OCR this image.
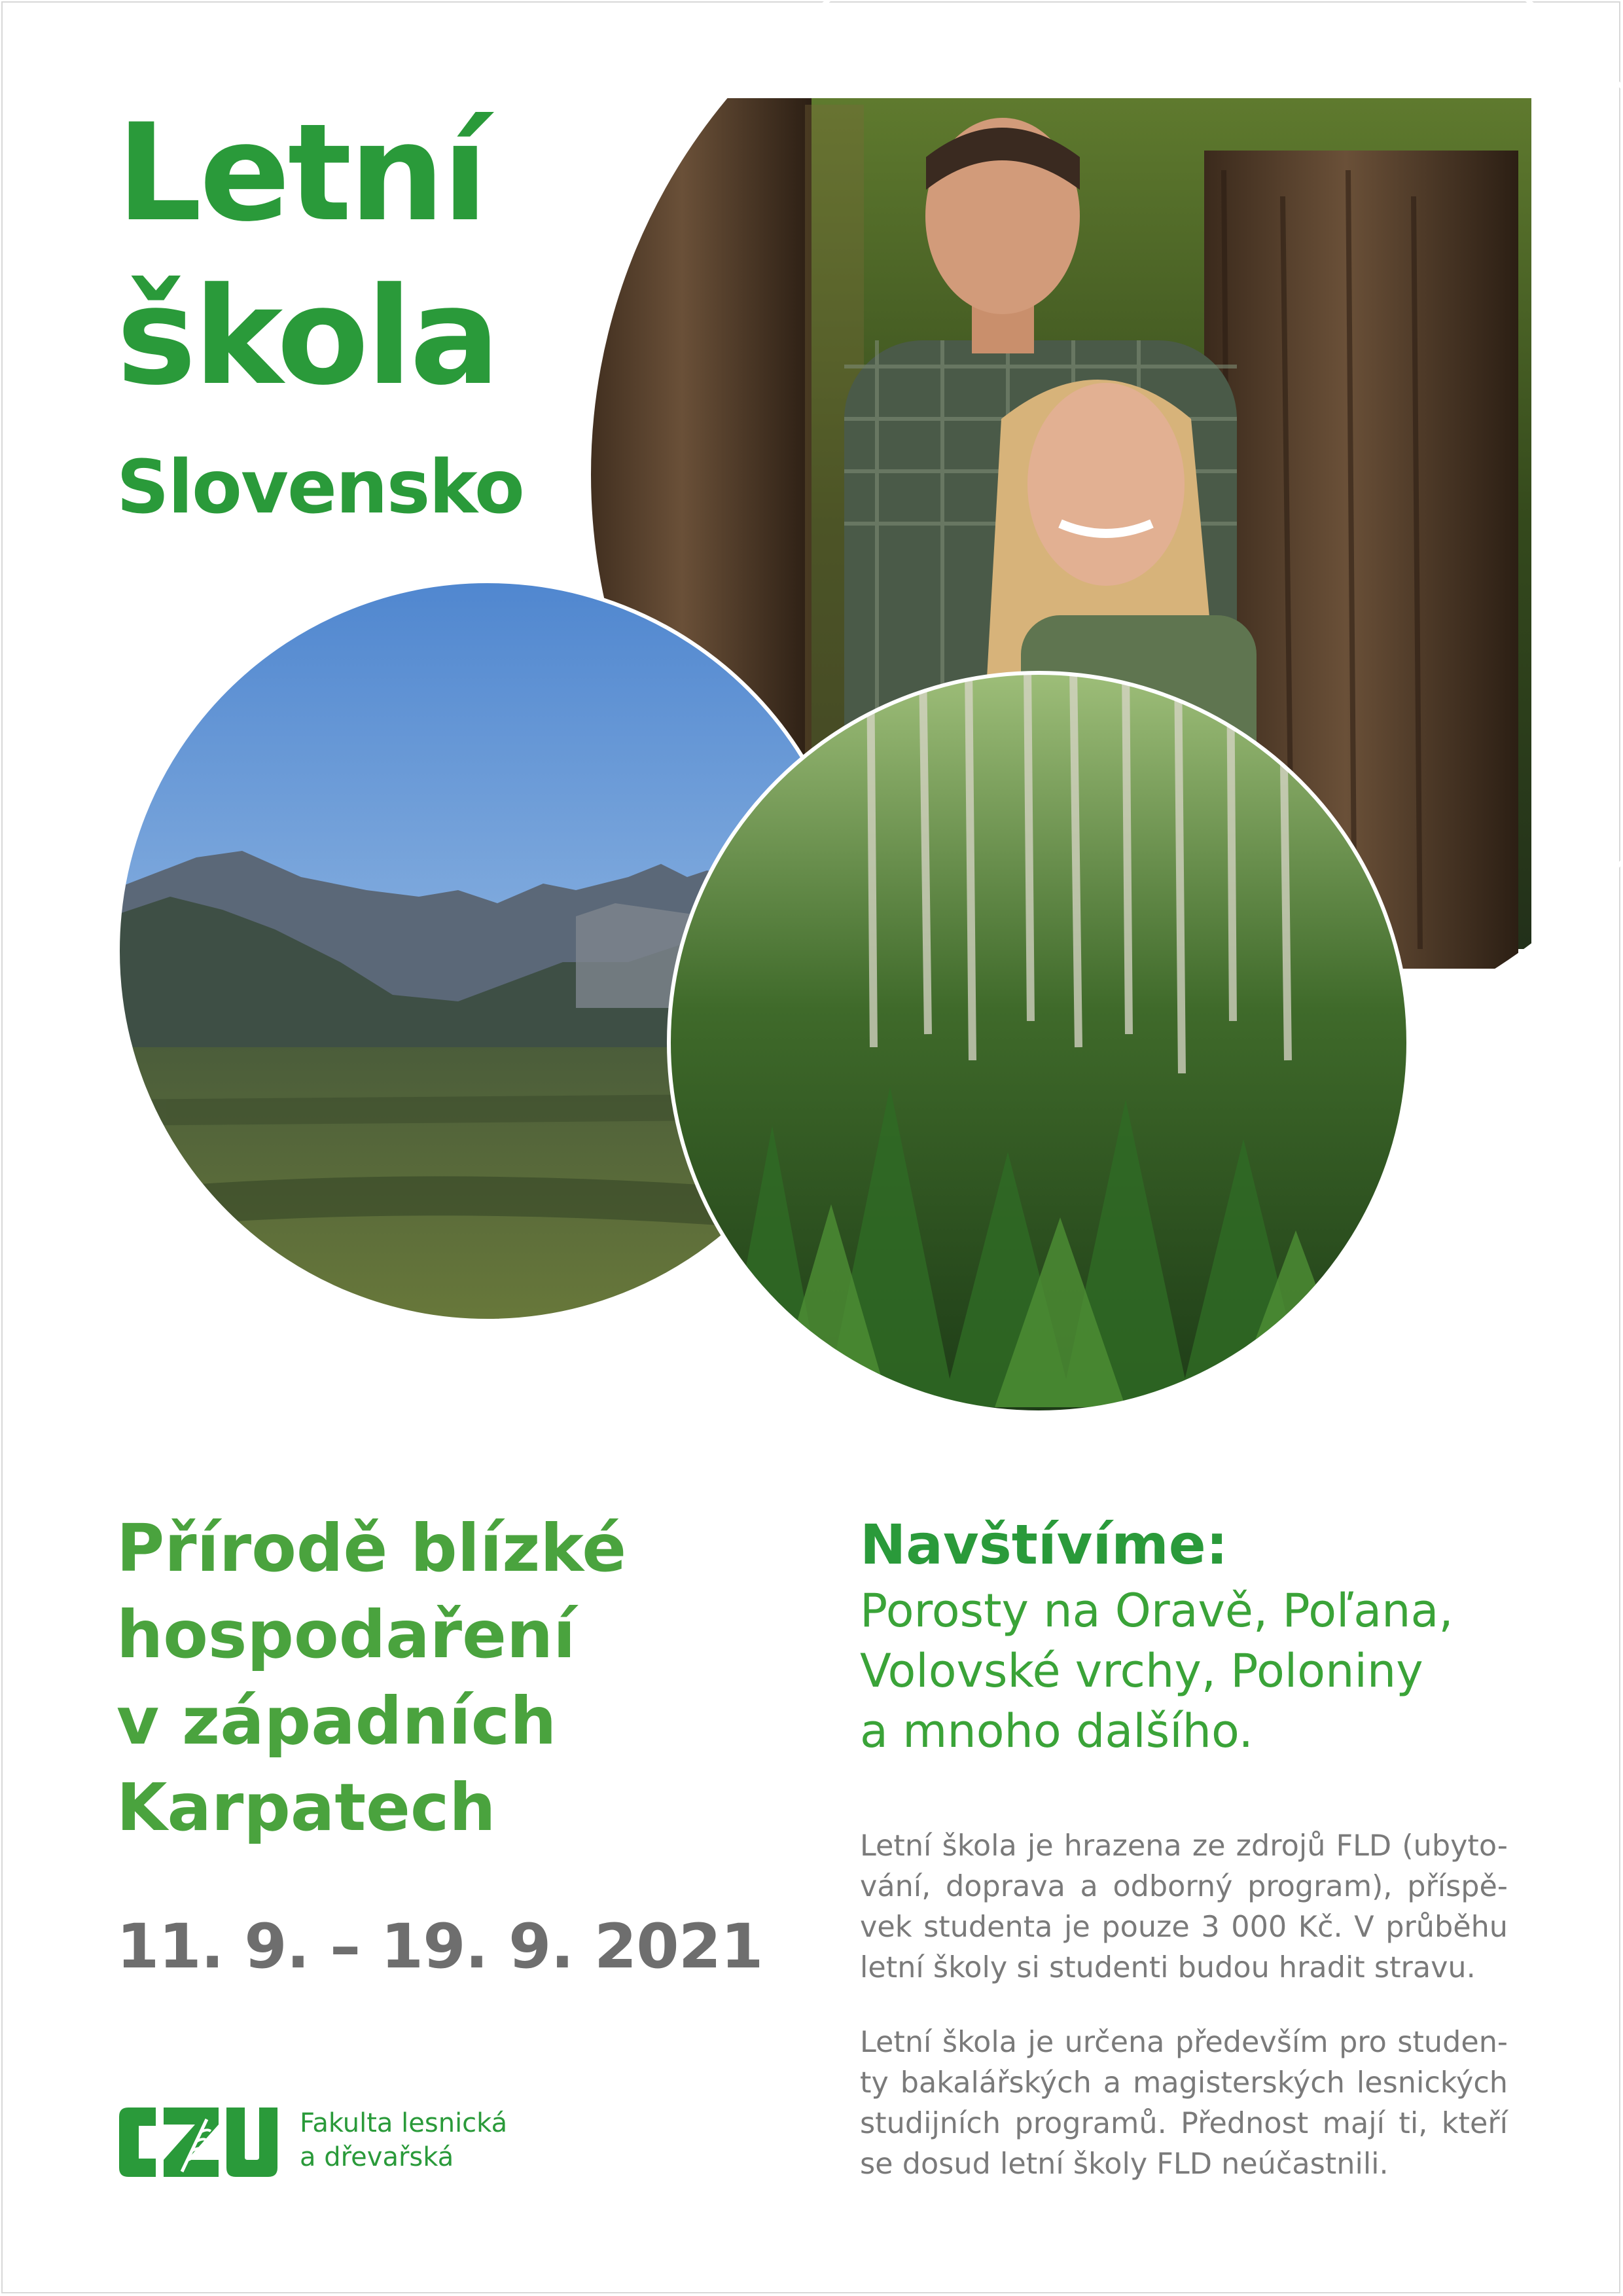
Letní
škola
Slovensko
Přírodě blízké
hospodaření
v západních
Karpatech
11. 9. – 19. 9. 2021
Navštívíme:
Porosty na Oravě, Poľana,
Volovské vrchy, Poloniny
a mnoho dalšího.
Letní škola je hrazena ze zdrojů FLD (ubyto-
vání, doprava a odborný program), příspě-
vek studenta je pouze 3 000 Kč. V průběhu
letní školy si studenti budou hradit stravu.
Letní škola je určena především pro studen-
ty bakalářských a magisterských lesnických
studijních programů. Přednost mají ti, kteří
se dosud letní školy FLD neúčastnili.
Fakulta lesnická
a dřevařská
